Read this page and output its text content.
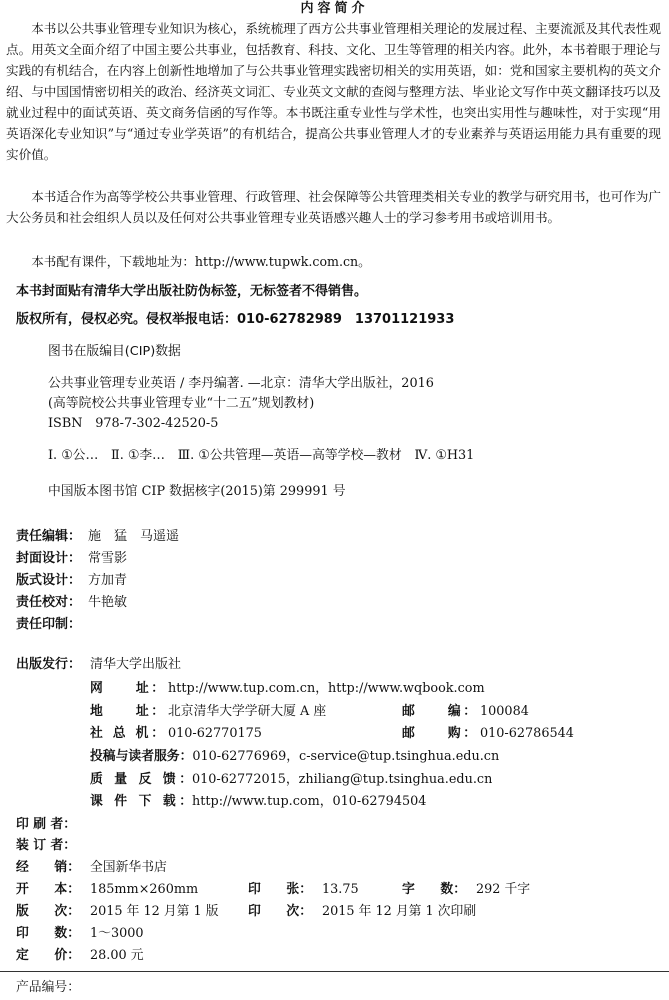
内容简介

本书以公共事业管理专业知识为核心，系统梳理了西方公共事业管理相关理论的发展过程、主要流派及其代表性观点。用英文全面介绍了中国主要公共事业，包括教育、科技、文化、卫生等管理的相关内容。此外，本书着眼于理论与实践的有机结合，在内容上创新性地增加了与公共事业管理实践密切相关的实用英语，如：党和国家主要机构的英文介绍、与中国国情密切相关的政治、经济英文词汇、专业英文文献的查阅与整理方法、毕业论文写作中英文翻译技巧以及就业过程中的面试英语、英文商务信函的写作等。本书既注重专业性与学术性，也突出实用性与趣味性，对于实现“用英语深化专业知识”与“通过专业学英语”的有机结合，提高公共事业管理人才的专业素养与英语运用能力具有重要的现实价值。

本书适合作为高等学校公共事业管理、行政管理、社会保障等公共管理类相关专业的教学与研究用书，也可作为广大公务员和社会组织人员以及任何对公共事业管理专业英语感兴趣人士的学习参考用书或培训用书。

本书配有课件，下载地址为：http://www.tupwk.com.cn。

本书封面贴有清华大学出版社防伪标签，无标签者不得销售。
版权所有，侵权必究。侵权举报电话：010-62782989　13701121933
图书在版编目(CIP)数据
公共事业管理专业英语 / 李丹编著. —北京：清华大学出版社，2016
(高等院校公共事业管理专业“十二五”规划教材)
ISBN　978-7-302-42520-5
Ⅰ. ①公…　Ⅱ. ①李…　Ⅲ. ①公共管理—英语—高等学校—教材　Ⅳ. ①H31
中国版本图书馆 CIP 数据核字(2015)第 299991 号
责任编辑： 施　猛　马遥遥
封面设计： 常雪影
版式设计： 方加青
责任校对： 牛艳敏
责任印制：
出版发行： 清华大学出版社
网　　址： http://www.tup.com.cn，http://www.wqbook.com
地　　址： 北京清华大学学研大厦 A 座	邮　　编： 100084
社 总 机： 010-62770175	邮　　购： 010-62786544
投稿与读者服务：010-62776969，c-service@tup.tsinghua.edu.cn
质 量 反 馈：010-62772015，zhiliang@tup.tsinghua.edu.cn
课 件 下 载：http://www.tup.com，010-62794504
印 刷 者：
装 订 者：
经　　销： 全国新华书店
开　　本： 185mm×260mm	印　　张： 13.75	字　　数： 292 千字
版　　次： 2015 年 12 月第 1 版 印　　次： 2015 年 12 月第 1 次印刷
印　　数： 1～3000
定　　价： 28.00 元
产品编号：
